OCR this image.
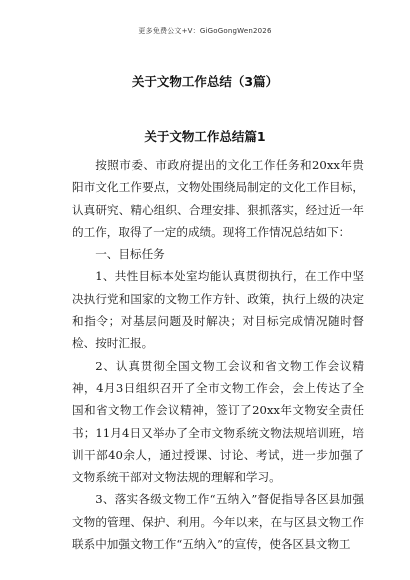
更多免费公文+V：GiGoGongWen2026
关于文物工作总结（3篇）
关于文物工作总结篇1

按照市委、市政府提出的文化工作任务和20xx年贵阳市文化工作要点，文物处围绕局制定的文化工作目标，认真研究、精心组织、合理安排、狠抓落实，经过近一年的工作，取得了一定的成绩。现将工作情况总结如下：

一、目标任务

1、共性目标本处室均能认真贯彻执行，在工作中坚决执行党和国家的文物工作方针、政策，执行上级的决定和指令；对基层问题及时解决；对目标完成情况随时督检、按时汇报。

2、认真贯彻全国文物工会议和省文物工作会议精神，4月3日组织召开了全市文物工作会，会上传达了全国和省文物工作会议精神，签订了20xx年文物安全责任书；11月4日又举办了全市文物系统文物法规培训班，培训干部40余人，通过授课、讨论、考试，进一步加强了文物系统干部对文物法规的理解和学习。

3、落实各级文物工作“五纳入”督促指导各区县加强文物的管理、保护、利用。今年以来，在与区县文物工作联系中加强文物工作“五纳入”的宣传，使各区县文物工
